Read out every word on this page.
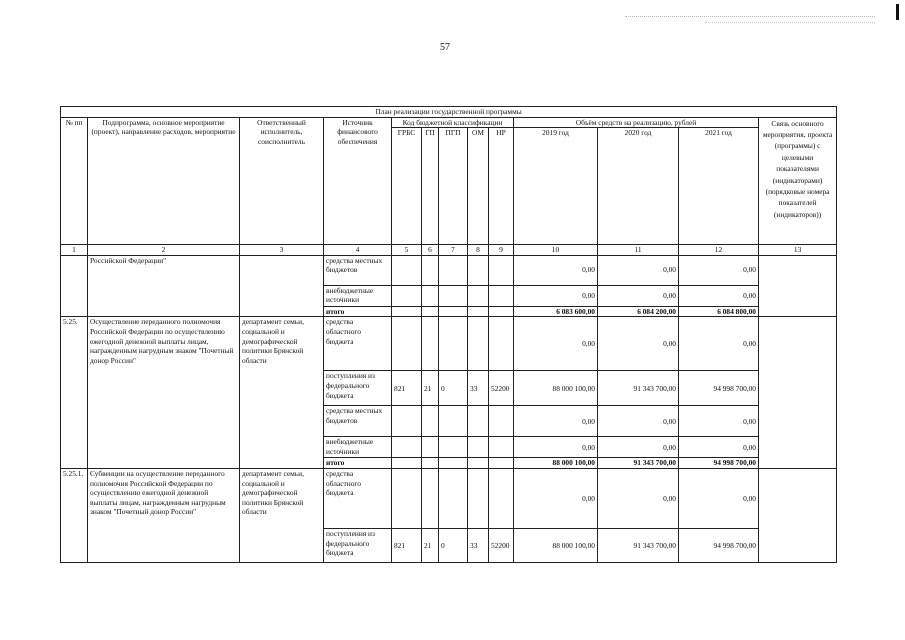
57
План реализации государственной программы												
№ пп	Подпрограмма, основное мероприятие (проект), направление расходов, мероприятие	Ответственный исполнитель, соисполнитель	Источник финансового обеспечения	Код бюджетной классификации					Объём средств на реализацию, рублей			Связь основного мероприятия, проекта (программы) с целевыми показателями (индикаторами) (порядковые номера показателей (индикаторов))
				ГРБС	ГП	ПГП	ОМ	НР	2019 год	2020 год	2021 год	
1	2	3	4	5	6	7	8	9	10	11	12	13
	Российской Федерации"		средства местных бюджетов						0,00	0,00	0,00	
			внебюджетные источники						0,00	0,00	0,00	
			итого						6 083 600,00	6 084 200,00	6 084 800,00	
5.25.	Осуществление переданного полномочия Российской Федерации по осуществлению ежегодной денежной выплаты лицам, награжденным нагрудным знаком "Почетный донор России"	департамент семьи, социальной и демографической политики Брянской области	средства областного бюджета						0,00	0,00	0,00	
			поступления из федерального бюджета	821	21	0	33	52200	88 000 100,00	91 343 700,00	94 998 700,00	
			средства местных бюджетов						0,00	0,00	0,00	
			внебюджетные источники						0,00	0,00	0,00	
			итого						88 000 100,00	91 343 700,00	94 998 700,00	
5.25.1.	Субвенции на осуществление переданного полномочия Российской Федерации по осуществлению ежегодной денежной выплаты лицам, награжденным нагрудным знаком "Почетный донор России"	департамент семьи, социальной и демографической политики Брянской области	средства областного бюджета						0,00	0,00	0,00	
			поступления из федерального бюджета	821	21	0	33	52200	88 000 100,00	91 343 700,00	94 998 700,00	
